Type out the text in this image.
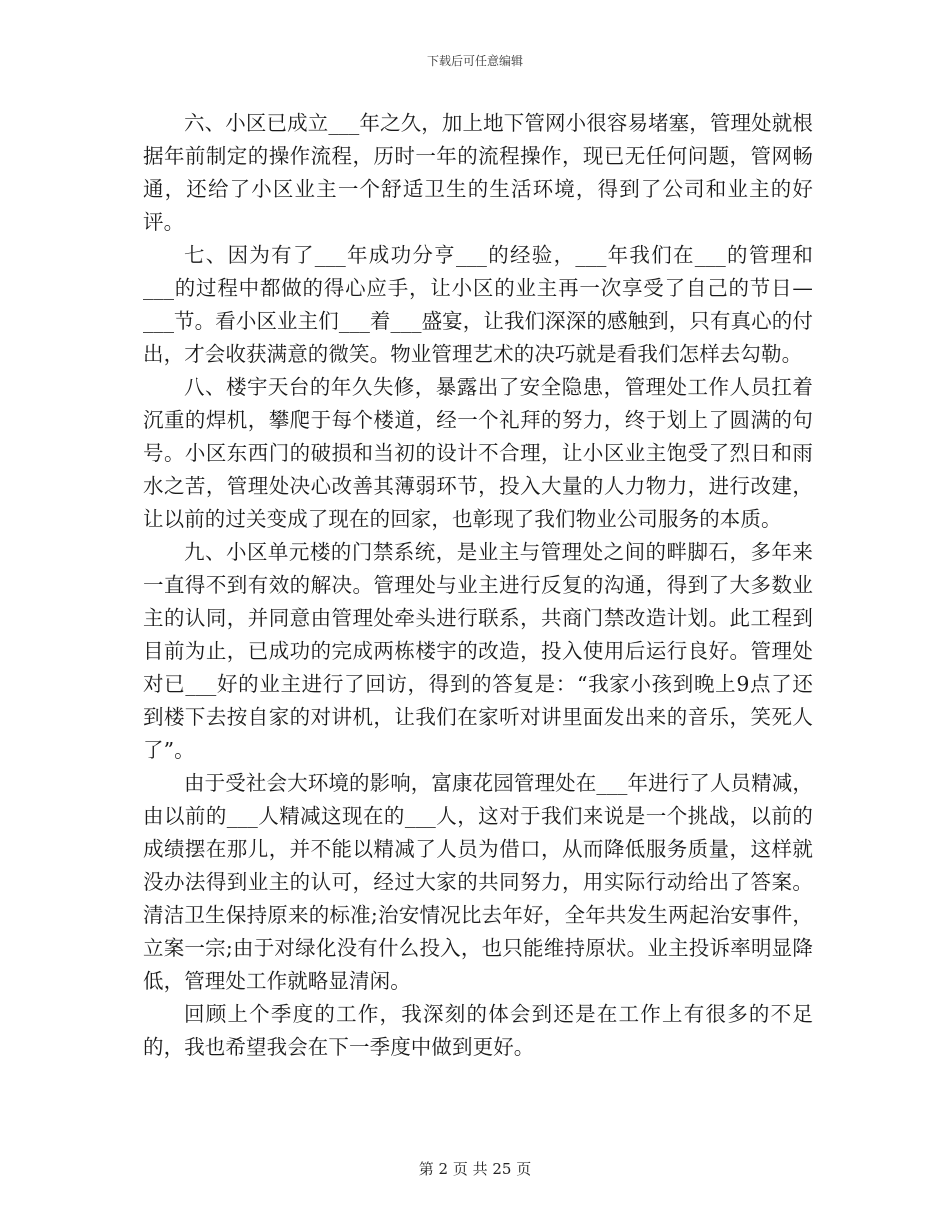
下载后可任意编辑

六、小区已成立___年之久，加上地下管网小很容易堵塞，管理处就根据年前制定的操作流程，历时一年的流程操作，现已无任何问题，管网畅通，还给了小区业主一个舒适卫生的生活环境，得到了公司和业主的好评。

七、因为有了___年成功分亨___的经验，___年我们在___的管理和___的过程中都做的得心应手，让小区的业主再一次享受了自己的节日—___节。看小区业主们___着___盛宴，让我们深深的感触到，只有真心的付出，才会收获满意的微笑。物业管理艺术的决巧就是看我们怎样去勾勒。

八、楼宇天台的年久失修，暴露出了安全隐患，管理处工作人员扛着沉重的焊机，攀爬于每个楼道，经一个礼拜的努力，终于划上了圆满的句号。小区东西门的破损和当初的设计不合理，让小区业主饱受了烈日和雨水之苦，管理处决心改善其薄弱环节，投入大量的人力物力，进行改建，让以前的过关变成了现在的回家，也彰现了我们物业公司服务的本质。

九、小区单元楼的门禁系统，是业主与管理处之间的畔脚石，多年来一直得不到有效的解决。管理处与业主进行反复的沟通，得到了大多数业主的认同，并同意由管理处牵头进行联系，共商门禁改造计划。此工程到目前为止，已成功的完成两栋楼宇的改造，投入使用后运行良好。管理处对已___好的业主进行了回访，得到的答复是：“我家小孩到晚上9点了还到楼下去按自家的对讲机，让我们在家听对讲里面发出来的音乐，笑死人了”。

由于受社会大环境的影响，富康花园管理处在___年进行了人员精减，由以前的___人精减这现在的___人，这对于我们来说是一个挑战，以前的成绩摆在那儿，并不能以精减了人员为借口，从而降低服务质量，这样就没办法得到业主的认可，经过大家的共同努力，用实际行动给出了答案。清洁卫生保持原来的标准;治安情况比去年好，全年共发生两起治安事件，立案一宗;由于对绿化没有什么投入，也只能维持原状。业主投诉率明显降低，管理处工作就略显清闲。

回顾上个季度的工作，我深刻的体会到还是在工作上有很多的不足的，我也希望我会在下一季度中做到更好。

第 2 页 共 25 页
